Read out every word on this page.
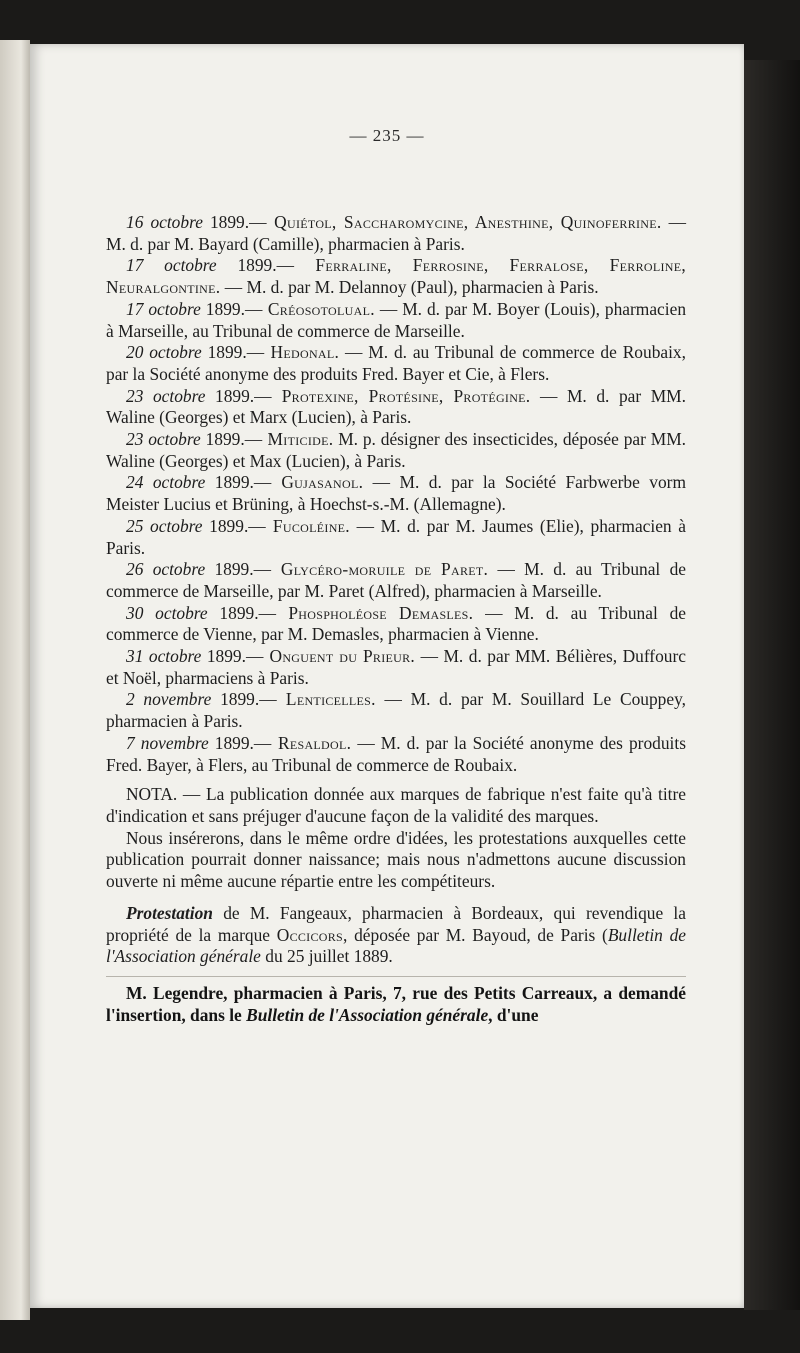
— 235 —

16 octobre 1899.— Quiétol, Saccharomycine, Anesthine, Quinoferrine. — M. d. par M. Bayard (Camille), pharmacien à Paris.

17 octobre 1899.— Ferraline, Ferrosine, Ferralose, Ferroline, Neuralgontine. — M. d. par M. Delannoy (Paul), pharmacien à Paris.

17 octobre 1899.— Créosotolual. — M. d. par M. Boyer (Louis), pharmacien à Marseille, au Tribunal de commerce de Marseille.

20 octobre 1899.— Hedonal. — M. d. au Tribunal de commerce de Roubaix, par la Société anonyme des produits Fred. Bayer et Cie, à Flers.

23 octobre 1899.— Protexine, Protésine, Protégine. — M. d. par MM. Waline (Georges) et Marx (Lucien), à Paris.

23 octobre 1899.— Miticide. M. p. désigner des insecticides, déposée par MM. Waline (Georges) et Max (Lucien), à Paris.

24 octobre 1899.— Gujasanol. — M. d. par la Société Farbwerbe vorm Meister Lucius et Brüning, à Hoechst-s.-M. (Allemagne).

25 octobre 1899.— Fucoléine. — M. d. par M. Jaumes (Elie), pharmacien à Paris.

26 octobre 1899.— Glycéro-moruile de Paret. — M. d. au Tribunal de commerce de Marseille, par M. Paret (Alfred), pharmacien à Marseille.

30 octobre 1899.— Phospholéose Demasles. — M. d. au Tribunal de commerce de Vienne, par M. Demasles, pharmacien à Vienne.

31 octobre 1899.— Onguent du Prieur. — M. d. par MM. Bélières, Duffourc et Noël, pharmaciens à Paris.

2 novembre 1899.— Lenticelles. — M. d. par M. Souillard Le Couppey, pharmacien à Paris.

7 novembre 1899.— Resaldol. — M. d. par la Société anonyme des produits Fred. Bayer, à Flers, au Tribunal de commerce de Roubaix.

NOTA. — La publication donnée aux marques de fabrique n'est faite qu'à titre d'indication et sans préjuger d'aucune façon de la validité des marques.

Nous insérerons, dans le même ordre d'idées, les protestations auxquelles cette publication pourrait donner naissance; mais nous n'admettons aucune discussion ouverte ni même aucune répartie entre les compétiteurs.

Protestation de M. Fangeaux, pharmacien à Bordeaux, qui revendique la propriété de la marque Occicors, déposée par M. Bayoud, de Paris (Bulletin de l'Association générale du 25 juillet 1889.

M. Legendre, pharmacien à Paris, 7, rue des Petits Carreaux, a demandé l'insertion, dans le Bulletin de l'Association générale, d'une
